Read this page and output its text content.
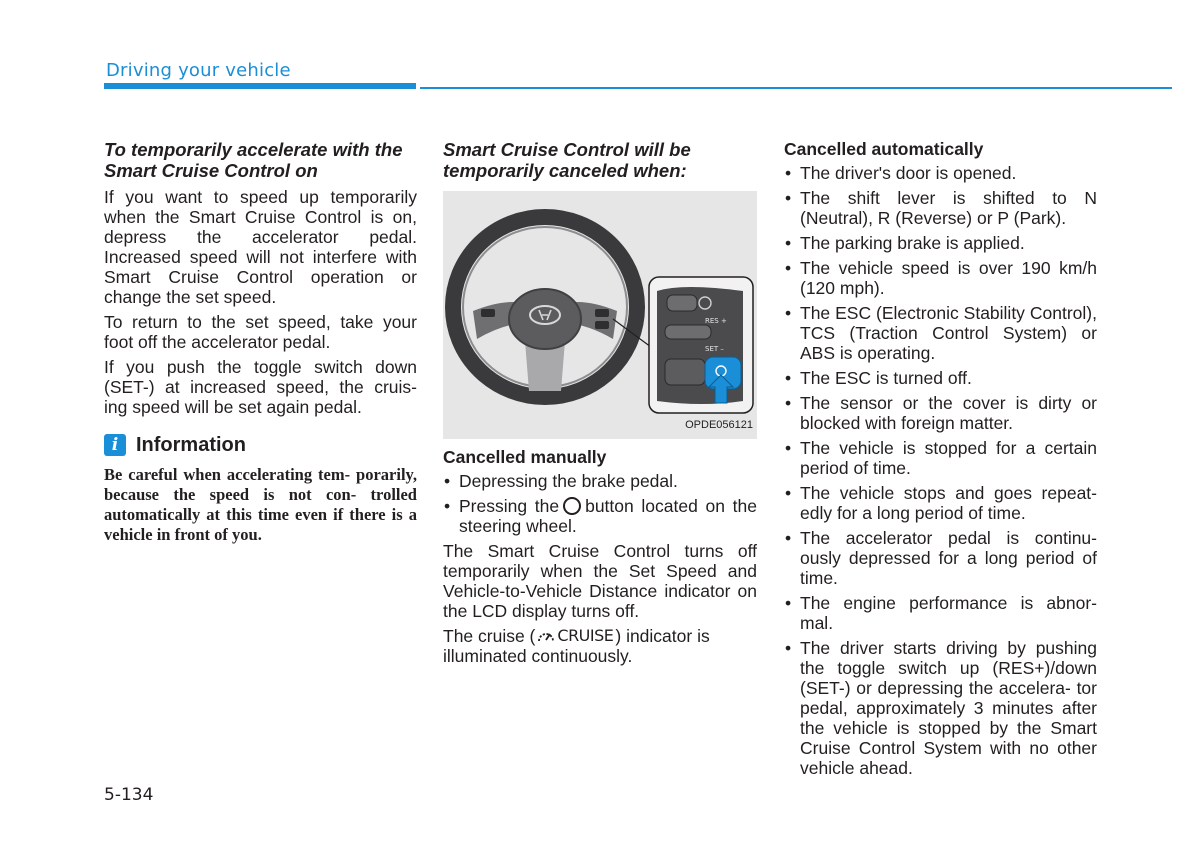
Driving your vehicle
To temporarily accelerate with the Smart Cruise Control on

If you want to speed up temporarily when the Smart Cruise Control is on, depress the accelerator pedal. Increased speed will not interfere with Smart Cruise Control operation or change the set speed.

To return to the set speed, take your foot off the accelerator pedal.

If you push the toggle switch down (SET-) at increased speed, the cruis- ing speed will be set again pedal.

i Information
Be careful when accelerating tem- porarily, because the speed is not con- trolled automatically at this time even if there is a vehicle in front of you.
Smart Cruise Control will be temporarily canceled when:
RES +
SET –
OPDE056121
Cancelled manually
• Depressing the brake pedal.
• Pressing the button located on the steering wheel.

The Smart Cruise Control turns off temporarily when the Set Speed and Vehicle-to-Vehicle Distance indicator on the LCD display turns off.

The cruise ( CRUISE ) indicator is illuminated continuously.

Cancelled automatically
• The driver's door is opened.
• The shift lever is shifted to N (Neutral), R (Reverse) or P (Park).
• The parking brake is applied.
• The vehicle speed is over 190 km/h (120 mph).
• The ESC (Electronic Stability Control), TCS (Traction Control System) or ABS is operating.
• The ESC is turned off.
• The sensor or the cover is dirty or blocked with foreign matter.
• The vehicle is stopped for a certain period of time.
• The vehicle stops and goes repeat- edly for a long period of time.
• The accelerator pedal is continu- ously depressed for a long period of time.
• The engine performance is abnor- mal.
• The driver starts driving by pushing the toggle switch up (RES+)/down (SET-) or depressing the accelera- tor pedal, approximately 3 minutes after the vehicle is stopped by the Smart Cruise Control System with no other vehicle ahead.
5-134
